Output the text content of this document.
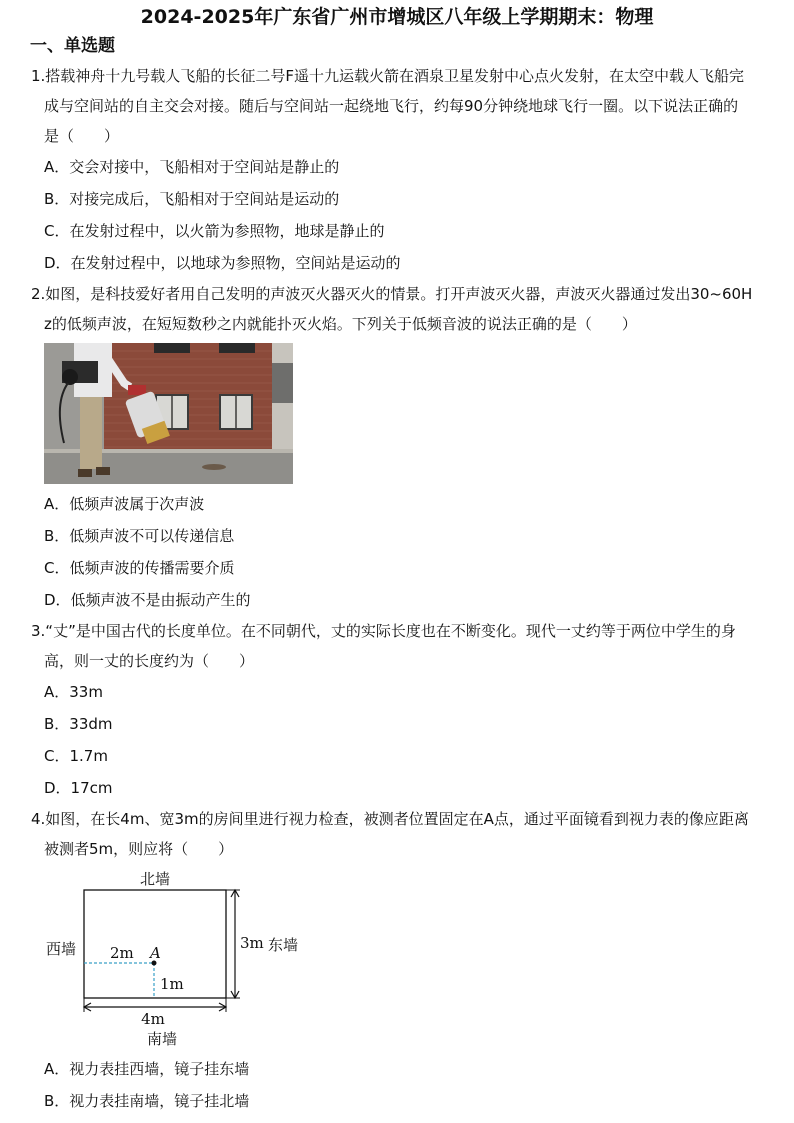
2024-2025年广东省广州市增城区八年级上学期期末：物理
一、单选题
1.搭载神舟十九号载人飞船的长征二号F遥十九运载火箭在酒泉卫星发射中心点火发射，在太空中载人飞船完
成与空间站的自主交会对接。随后与空间站一起绕地飞行，约每90分钟绕地球飞行一圈。以下说法正确的
是（　　）
A．交会对接中，飞船相对于空间站是静止的
B．对接完成后，飞船相对于空间站是运动的
C．在发射过程中，以火箭为参照物，地球是静止的
D．在发射过程中，以地球为参照物，空间站是运动的
2.如图，是科技爱好者用自己发明的声波灭火器灭火的情景。打开声波灭火器，声波灭火器通过发出30~60H
z的低频声波，在短短数秒之内就能扑灭火焰。下列关于低频音波的说法正确的是（　　）
A．低频声波属于次声波
B．低频声波不可以传递信息
C．低频声波的传播需要介质
D．低频声波不是由振动产生的
3.“丈”是中国古代的长度单位。在不同朝代，丈的实际长度也在不断变化。现代一丈约等于两位中学生的身
高，则一丈的长度约为（　　）
A．33m
B．33dm
C．1.7m
D．17cm
4.如图，在长4m、宽3m的房间里进行视力检查，被测者位置固定在A点，通过平面镜看到视力表的像应距离
被测者5m，则应将（　　）
北墙
南墙
西墙	东墙
3m
4m
2m A
1m
A．视力表挂西墙，镜子挂东墙
B．视力表挂南墙，镜子挂北墙
